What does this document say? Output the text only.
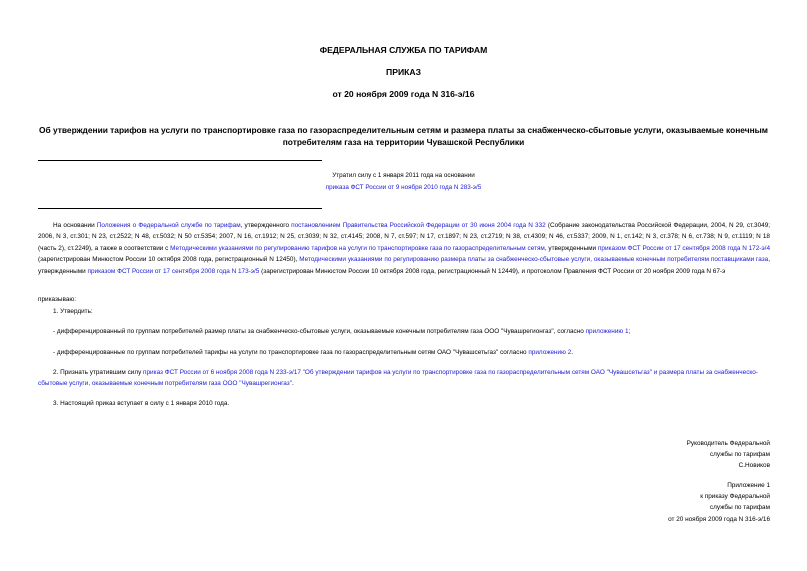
ФЕДЕРАЛЬНАЯ СЛУЖБА ПО ТАРИФАМ
ПРИКАЗ
от 20 ноября 2009 года N 316-э/16
Об утверждении тарифов на услуги по транспортировке газа по газораспределительным сетям и размера платы за снабженческо-сбытовые услуги, оказываемые конечным потребителям газа на территории Чувашской Республики
Утратил силу с 1 января 2011 года на основании
приказа ФСТ России от 9 ноября 2010 года N 283-э/5
На основании Положения о Федеральной службе по тарифам, утвержденного постановлением Правительства Российской Федерации от 30 июня 2004 года N 332 (Собрание законодательства Российской Федерации, 2004, N 29, ст.3049; 2006, N 3, ст.301; N 23, ст.2522; N 48, ст.5032; N 50 ст.5354; 2007, N 16, ст.1912; N 25, ст.3039; N 32, ст.4145; 2008, N 7, ст.597; N 17, ст.1897; N 23, ст.2719; N 38, ст.4309; N 46, ст.5337; 2009, N 1, ст.142; N 3, ст.378; N 6, ст.738; N 9, ст.1119; N 18 (часть 2), ст.2249), а также в соответствии с Методическими указаниями по регулированию тарифов на услуги по транспортировке газа по газораспределительным сетям, утвержденными приказом ФСТ России от 17 сентября 2008 года N 172-э/4 (зарегистрирован Минюстом России 10 октября 2008 года, регистрационный N 12450), Методическими указаниями по регулированию размера платы за снабженческо-сбытовые услуги, оказываемые конечным потребителям поставщиками газа, утвержденными приказом ФСТ России от 17 сентября 2008 года N 173-э/5 (зарегистрирован Минюстом России 10 октября 2008 года, регистрационный N 12449), и протоколом Правления ФСТ России от 20 ноября 2009 года N 67-э
приказываю:
1. Утвердить:
- дифференцированный по группам потребителей размер платы за снабженческо-сбытовые услуги, оказываемые конечным потребителям газа ООО "Чувашрегионгаз", согласно приложению 1;
- дифференцированные по группам потребителей тарифы на услуги по транспортировке газа по газораспределительным сетям ОАО "Чувашсетьгаз" согласно приложению 2.
2. Признать утратившим силу приказ ФСТ России от 6 ноября 2008 года N 233-э/17 "Об утверждении тарифов на услуги по транспортировке газа по газораспределительным сетям ОАО "Чувашсетьгаз" и размера платы за снабженческо-сбытовые услуги, оказываемые конечным потребителям газа ООО "Чувашрегионгаз".
3. Настоящий приказ вступает в силу с 1 января 2010 года.
Руководитель Федеральной
службы по тарифам
С.Новиков
Приложение 1
к приказу Федеральной
службы по тарифам
от 20 ноября 2009 года N 316-э/16
